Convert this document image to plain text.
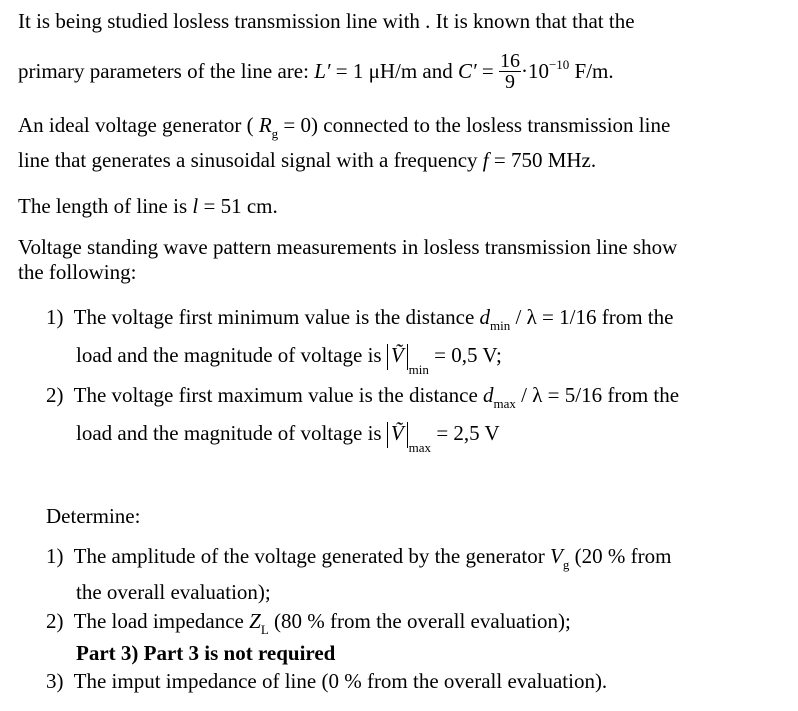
It is being studied losless transmission line with . It is known that that the
primary parameters of the line are: L′ = 1 μH/m and $C' = \frac{16}{9} \cdot 10^{-10}$ F/m.
An ideal voltage generator ( $R_g = 0$) connected to the losless transmission line
line that generates a sinusoidal signal with a frequency f = 750 MHz.
The length of line is l = 51 cm.
Voltage standing wave pattern measurements in losless transmission line show
the following:
1) The voltage first minimum value is the distance $d_{min} / \lambda = 1/16$ from the
load and the magnitude of voltage is Ṽmin = 0,5 V;
2) The voltage first maximum value is the distance $d_{max} / \lambda = 5/16$ from the
load and the magnitude of voltage is Ṽmax = 2,5 V
Determine:
1) The amplitude of the voltage generated by the generator $V_g$ (20 % from
the overall evaluation);
2) The load impedance $Z_L$ (80 % from the overall evaluation);
Part 3) Part 3 is not required
3) The imput impedance of line (0 % from the overall evaluation).
